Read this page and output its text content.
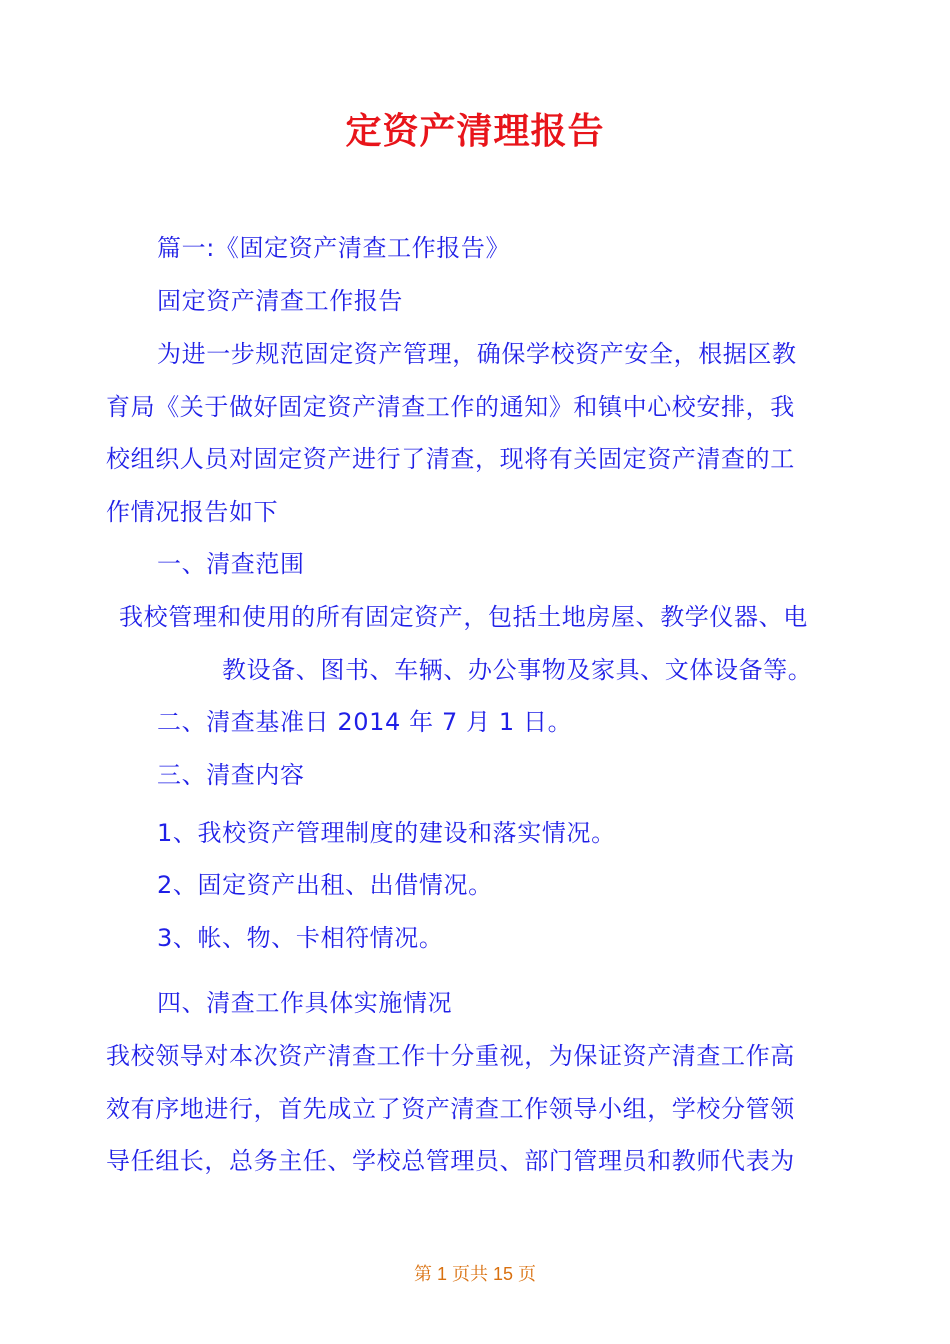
定资产清理报告
篇一:《固定资产清查工作报告》
固定资产清查工作报告
为进一步规范固定资产管理，确保学校资产安全，根据区教
育局《关于做好固定资产清查工作的通知》和镇中心校安排，我
校组织人员对固定资产进行了清查，现将有关固定资产清查的工
作情况报告如下
一、清查范围
我校管理和使用的所有固定资产，包括土地房屋、教学仪器、电
教设备、图书、车辆、办公事物及家具、文体设备等。
二、清查基准日 2014 年 7 月 1 日。
三、清查内容
1、我校资产管理制度的建设和落实情况。
2、固定资产出租、出借情况。
3、帐、物、卡相符情况。
四、清查工作具体实施情况
我校领导对本次资产清查工作十分重视，为保证资产清查工作高
效有序地进行，首先成立了资产清查工作领导小组，学校分管领
导任组长，总务主任、学校总管理员、部门管理员和教师代表为
第 1 页共 15 页
